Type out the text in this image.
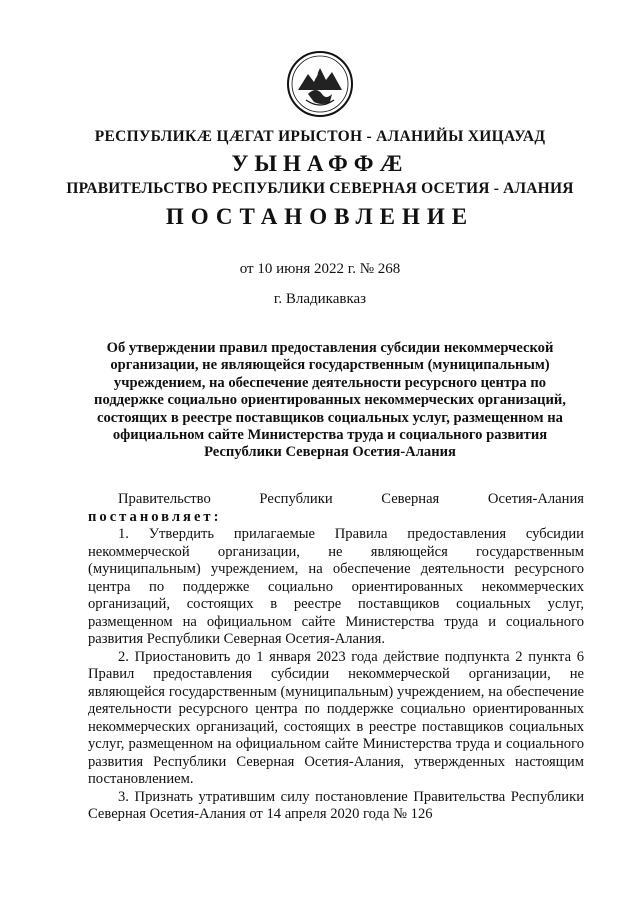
РЕСПУБЛИКӔ ЦӔГАТ ИРЫСТОН - АЛАНИЙЫ ХИЦАУАД
УЫНАФФӔ
ПРАВИТЕЛЬСТВО РЕСПУБЛИКИ СЕВЕРНАЯ ОСЕТИЯ - АЛАНИЯ
ПОСТАНОВЛЕНИЕ
от 10 июня 2022 г. № 268
г. Владикавказ
Об утверждении правил предоставления субсидии некоммерческой организации, не являющейся государственным (муниципальным) учреждением, на обеспечение деятельности ресурсного центра по поддержке социально ориентированных некоммерческих организаций, состоящих в реестре поставщиков социальных услуг, размещенном на официальном сайте Министерства труда и социального развития Республики Северная Осетия-Алания

Правительство Республики Северная Осетия-Алания постановляет:

1. Утвердить прилагаемые Правила предоставления субсидии некоммерческой организации, не являющейся государственным (муниципальным) учреждением, на обеспечение деятельности ресурсного центра по поддержке социально ориентированных некоммерческих организаций, состоящих в реестре поставщиков социальных услуг, размещенном на официальном сайте Министерства труда и социального развития Республики Северная Осетия-Алания.

2. Приостановить до 1 января 2023 года действие подпункта 2 пункта 6 Правил предоставления субсидии некоммерческой организации, не являющейся государственным (муниципальным) учреждением, на обеспечение деятельности ресурсного центра по поддержке социально ориентированных некоммерческих организаций, состоящих в реестре поставщиков социальных услуг, размещенном на официальном сайте Министерства труда и социального развития Республики Северная Осетия-Алания, утвержденных настоящим постановлением.

3. Признать утратившим силу постановление Правительства Республики Северная Осетия-Алания от 14 апреля 2020 года № 126
